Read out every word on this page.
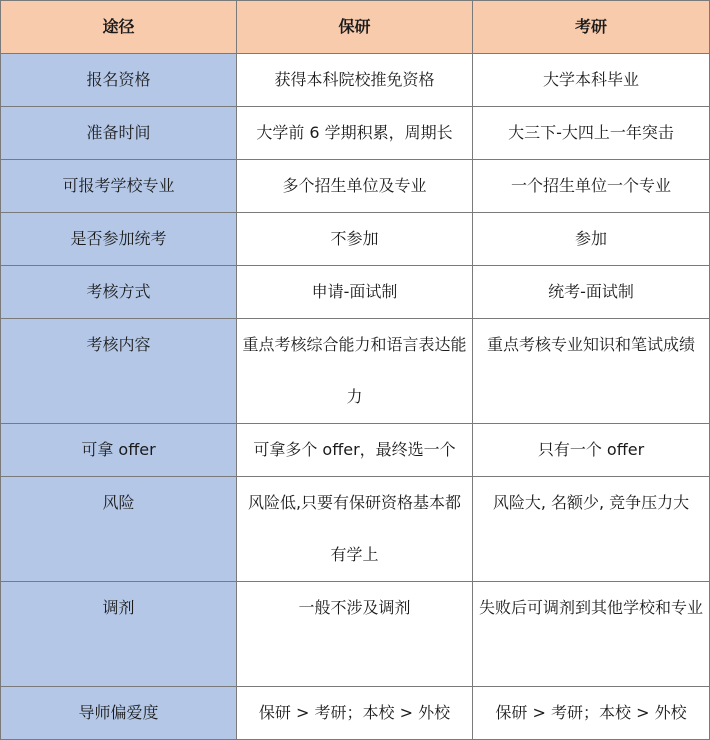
途径	保研	考研
报名资格	获得本科院校推免资格	大学本科毕业
准备时间	大学前 6 学期积累，周期长	大三下-大四上一年突击
可报考学校专业	多个招生单位及专业	一个招生单位一个专业
是否参加统考	不参加	参加
考核方式	申请-面试制	统考-面试制
考核内容	重点考核综合能力和语言表达能力	重点考核专业知识和笔试成绩
可拿 offer	可拿多个 offer，最终选一个	只有一个 offer
风险	风险低,只要有保研资格基本都有学上	风险大, 名额少, 竞争压力大
调剂	一般不涉及调剂	失败后可调剂到其他学校和专业
导师偏爱度	保研 > 考研；本校 > 外校	保研 > 考研；本校 > 外校
